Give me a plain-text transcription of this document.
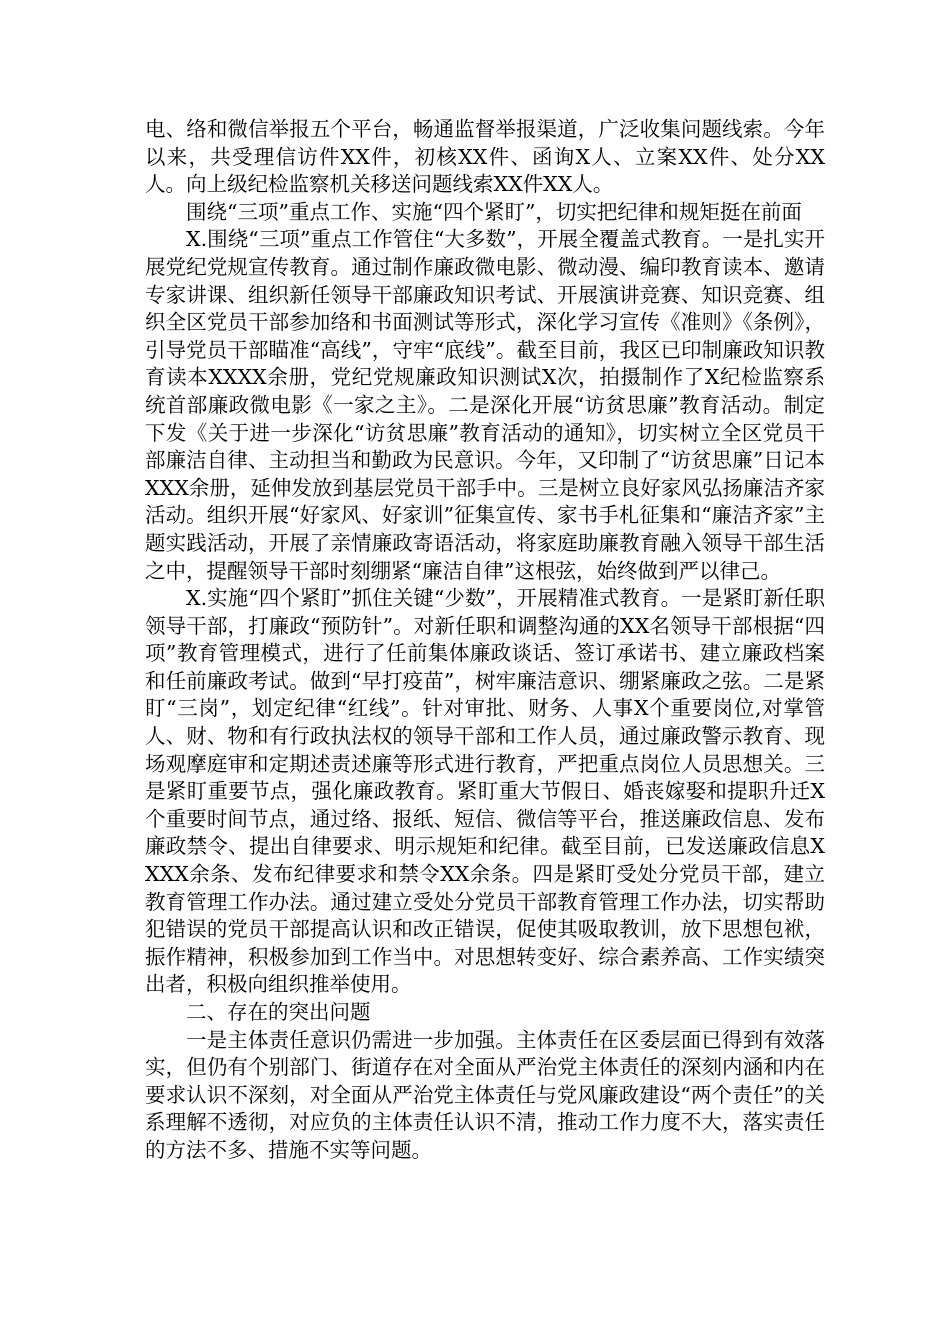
电、络和微信举报五个平台，畅通监督举报渠道，广泛收集问题线索。今年以来，共受理信访件XX件，初核XX件、函询X人、立案XX件、处分XX人。向上级纪检监察机关移送问题线索XX件XX人。

围绕“三项”重点工作、实施“四个紧盯”，切实把纪律和规矩挺在前面

X.围绕“三项”重点工作管住“大多数”，开展全覆盖式教育。一是扎实开展党纪党规宣传教育。通过制作廉政微电影、微动漫、编印教育读本、邀请专家讲课、组织新任领导干部廉政知识考试、开展演讲竞赛、知识竞赛、组织全区党员干部参加络和书面测试等形式，深化学习宣传《准则》《条例》，引导党员干部瞄准“高线”，守牢“底线”。截至目前，我区已印制廉政知识教育读本XXXX余册，党纪党规廉政知识测试X次，拍摄制作了X纪检监察系统首部廉政微电影《一家之主》。二是深化开展“访贫思廉”教育活动。制定下发《关于进一步深化“访贫思廉”教育活动的通知》，切实树立全区党员干部廉洁自律、主动担当和勤政为民意识。今年，又印制了“访贫思廉”日记本XXX余册，延伸发放到基层党员干部手中。三是树立良好家风弘扬廉洁齐家活动。组织开展“好家风、好家训”征集宣传、家书手札征集和“廉洁齐家”主题实践活动，开展了亲情廉政寄语活动，将家庭助廉教育融入领导干部生活之中，提醒领导干部时刻绷紧“廉洁自律”这根弦，始终做到严以律己。

X.实施“四个紧盯”抓住关键“少数”，开展精准式教育。一是紧盯新任职领导干部，打廉政“预防针”。对新任职和调整沟通的XX名领导干部根据“四项”教育管理模式，进行了任前集体廉政谈话、签订承诺书、建立廉政档案和任前廉政考试。做到“早打疫苗”，树牢廉洁意识、绷紧廉政之弦。二是紧盯“三岗”，划定纪律“红线”。针对审批、财务、人事X个重要岗位,对掌管人、财、物和有行政执法权的领导干部和工作人员，通过廉政警示教育、现场观摩庭审和定期述责述廉等形式进行教育，严把重点岗位人员思想关。三是紧盯重要节点，强化廉政教育。紧盯重大节假日、婚丧嫁娶和提职升迁X个重要时间节点，通过络、报纸、短信、微信等平台，推送廉政信息、发布廉政禁令、提出自律要求、明示规矩和纪律。截至目前，已发送廉政信息XXXX余条、发布纪律要求和禁令XX余条。四是紧盯受处分党员干部，建立教育管理工作办法。通过建立受处分党员干部教育管理工作办法，切实帮助犯错误的党员干部提高认识和改正错误，促使其吸取教训，放下思想包袱，振作精神，积极参加到工作当中。对思想转变好、综合素养高、工作实绩突出者，积极向组织推举使用。

二、存在的突出问题

一是主体责任意识仍需进一步加强。主体责任在区委层面已得到有效落实，但仍有个别部门、街道存在对全面从严治党主体责任的深刻内涵和内在要求认识不深刻，对全面从严治党主体责任与党风廉政建设“两个责任”的关系理解不透彻，对应负的主体责任认识不清，推动工作力度不大，落实责任的方法不多、措施不实等问题。
